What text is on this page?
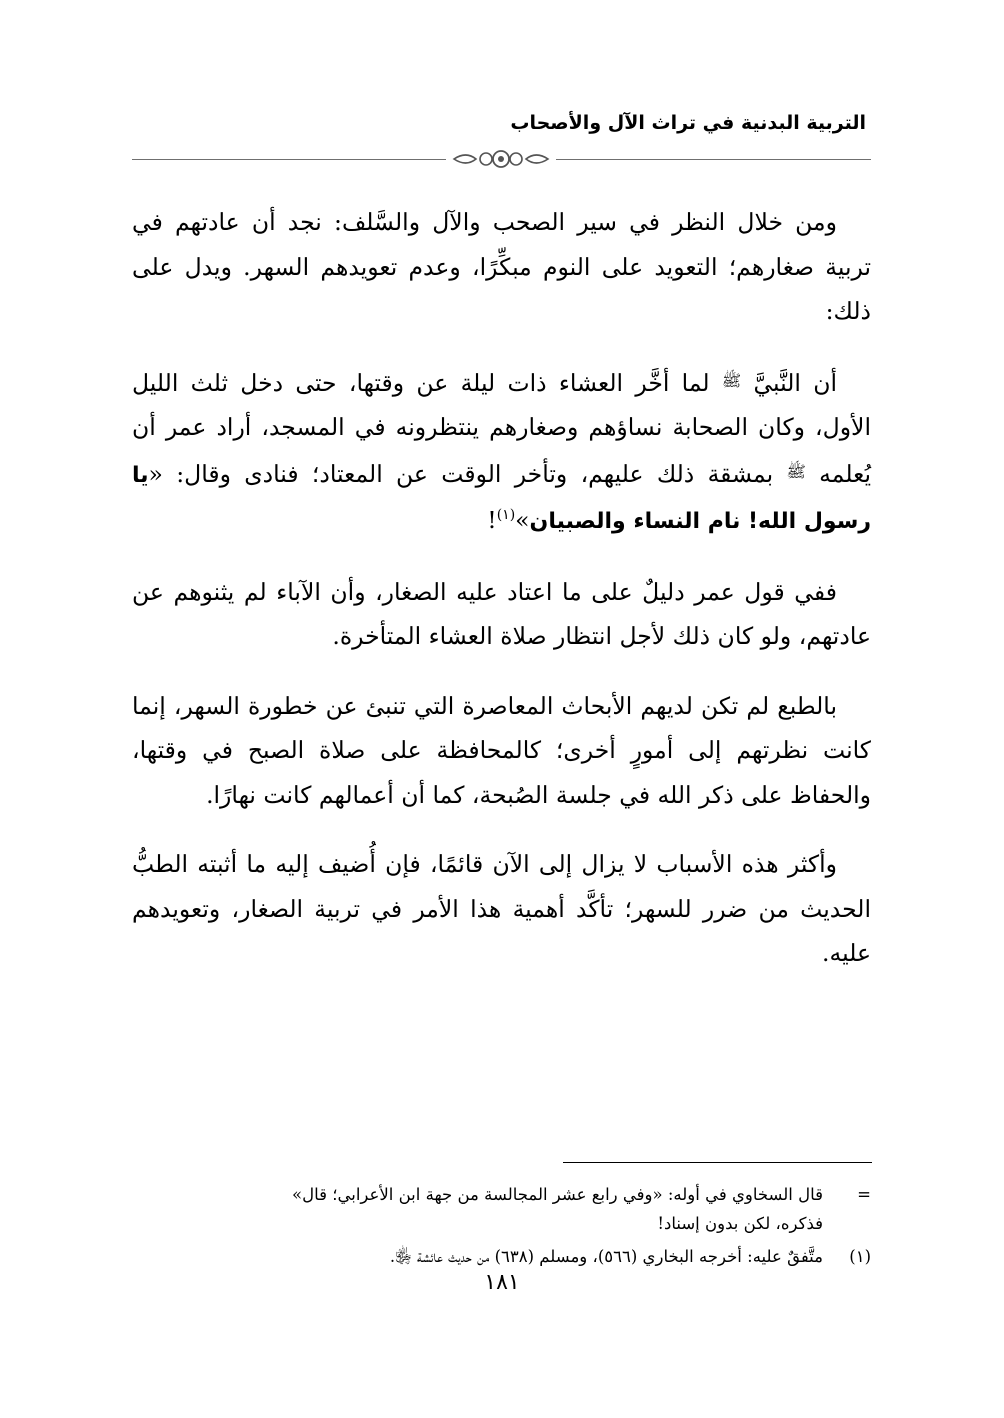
التربية البدنية في تراث الآل والأصحاب

ومن خلال النظر في سير الصحب والآل والسَّلف: نجد أن عادتهم في تربية صغارهم؛ التعويد على النوم مبكِّرًا، وعدم تعويدهم السهر. ويدل على ذلك:

أن النَّبيَّ $^ﷺ$ لما أخَّر العشاء ذات ليلة عن وقتها، حتى دخل ثلث الليل الأول، وكان الصحابة نساؤهم وصغارهم ينتظرونه في المسجد، أراد عمر أن يُعلمه $^ﷺ$ بمشقة ذلك عليهم، وتأخر الوقت عن المعتاد؛ فنادى وقال: «يا رسول الله! نام النساء والصبيان»$^{(١)}$!

ففي قول عمر دليلٌ على ما اعتاد عليه الصغار، وأن الآباء لم يثنوهم عن عادتهم، ولو كان ذلك لأجل انتظار صلاة العشاء المتأخرة.

بالطبع لم تكن لديهم الأبحاث المعاصرة التي تنبئ عن خطورة السهر، إنما كانت نظرتهم إلى أمورٍ أخرى؛ كالمحافظة على صلاة الصبح في وقتها، والحفاظ على ذكر الله في جلسة الصُبحة، كما أن أعمالهم كانت نهارًا.

وأكثر هذه الأسباب لا يزال إلى الآن قائمًا، فإن أُضيف إليه ما أثبته الطبُّ الحديث من ضرر للسهر؛ تأكَّد أهمية هذا الأمر في تربية الصغار، وتعويدهم عليه.

=
قال السخاوي في أوله: «وفي رابع عشر المجالسة من جهة ابن الأعرابي؛ قال»
فذكره، لكن بدون إسناد!
(١)
متَّفقٌ عليه: أخرجه البخاري (٥٦٦)، ومسلم (٦٣٨) من حديث عائشة ﵂.
١٨١
